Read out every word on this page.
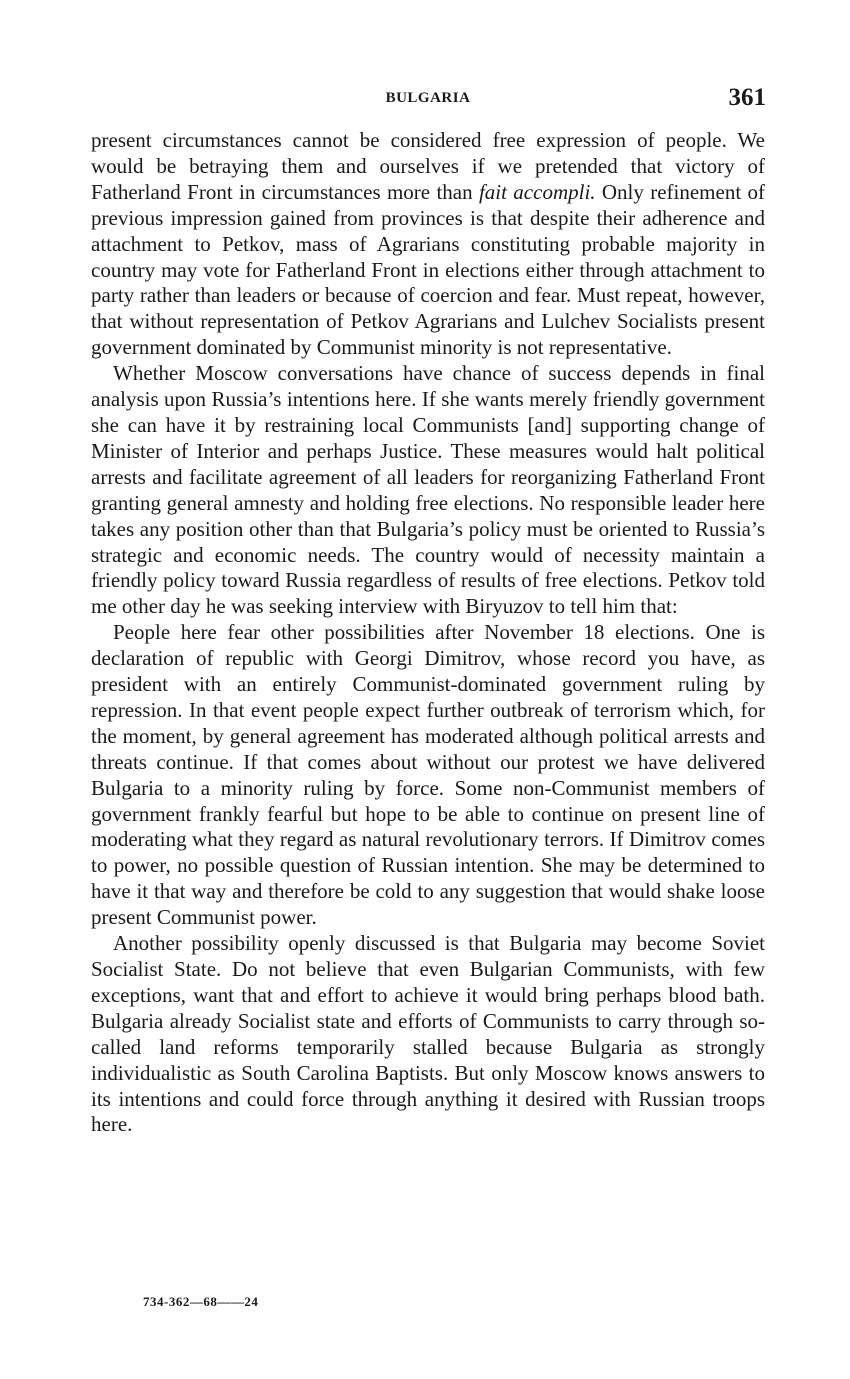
BULGARIA	361

present circumstances cannot be considered free expression of people. We would be betraying them and ourselves if we pretended that victory of Fatherland Front in circumstances more than fait accompli. Only refinement of previous impression gained from provinces is that despite their adherence and attachment to Petkov, mass of Agrarians constituting probable majority in country may vote for Fatherland Front in elections either through attachment to party rather than leaders or because of coercion and fear. Must repeat, however, that without representation of Petkov Agrarians and Lulchev Socialists present government dominated by Communist minority is not representative.

Whether Moscow conversations have chance of success depends in final analysis upon Russia’s intentions here. If she wants merely friendly government she can have it by restraining local Communists [and] supporting change of Minister of Interior and perhaps Justice. These measures would halt political arrests and facilitate agreement of all leaders for reorganizing Fatherland Front granting general amnesty and holding free elections. No responsible leader here takes any position other than that Bulgaria’s policy must be oriented to Russia’s strategic and economic needs. The country would of necessity maintain a friendly policy toward Russia regardless of results of free elections. Petkov told me other day he was seeking interview with Biryuzov to tell him that:

People here fear other possibilities after November 18 elections. One is declaration of republic with Georgi Dimitrov, whose record you have, as president with an entirely Communist-dominated government ruling by repression. In that event people expect further outbreak of terrorism which, for the moment, by general agreement has moderated although political arrests and threats continue. If that comes about without our protest we have delivered Bulgaria to a minority ruling by force. Some non-Communist members of government frankly fearful but hope to be able to continue on present line of moderating what they regard as natural revolutionary terrors. If Dimitrov comes to power, no possible question of Russian intention. She may be determined to have it that way and therefore be cold to any suggestion that would shake loose present Communist power.

Another possibility openly discussed is that Bulgaria may become Soviet Socialist State. Do not believe that even Bulgarian Communists, with few exceptions, want that and effort to achieve it would bring perhaps blood bath. Bulgaria already Socialist state and efforts of Communists to carry through so-called land reforms temporarily stalled because Bulgaria as strongly individualistic as South Carolina Baptists. But only Moscow knows answers to its intentions and could force through anything it desired with Russian troops here.

734-362—68——24
